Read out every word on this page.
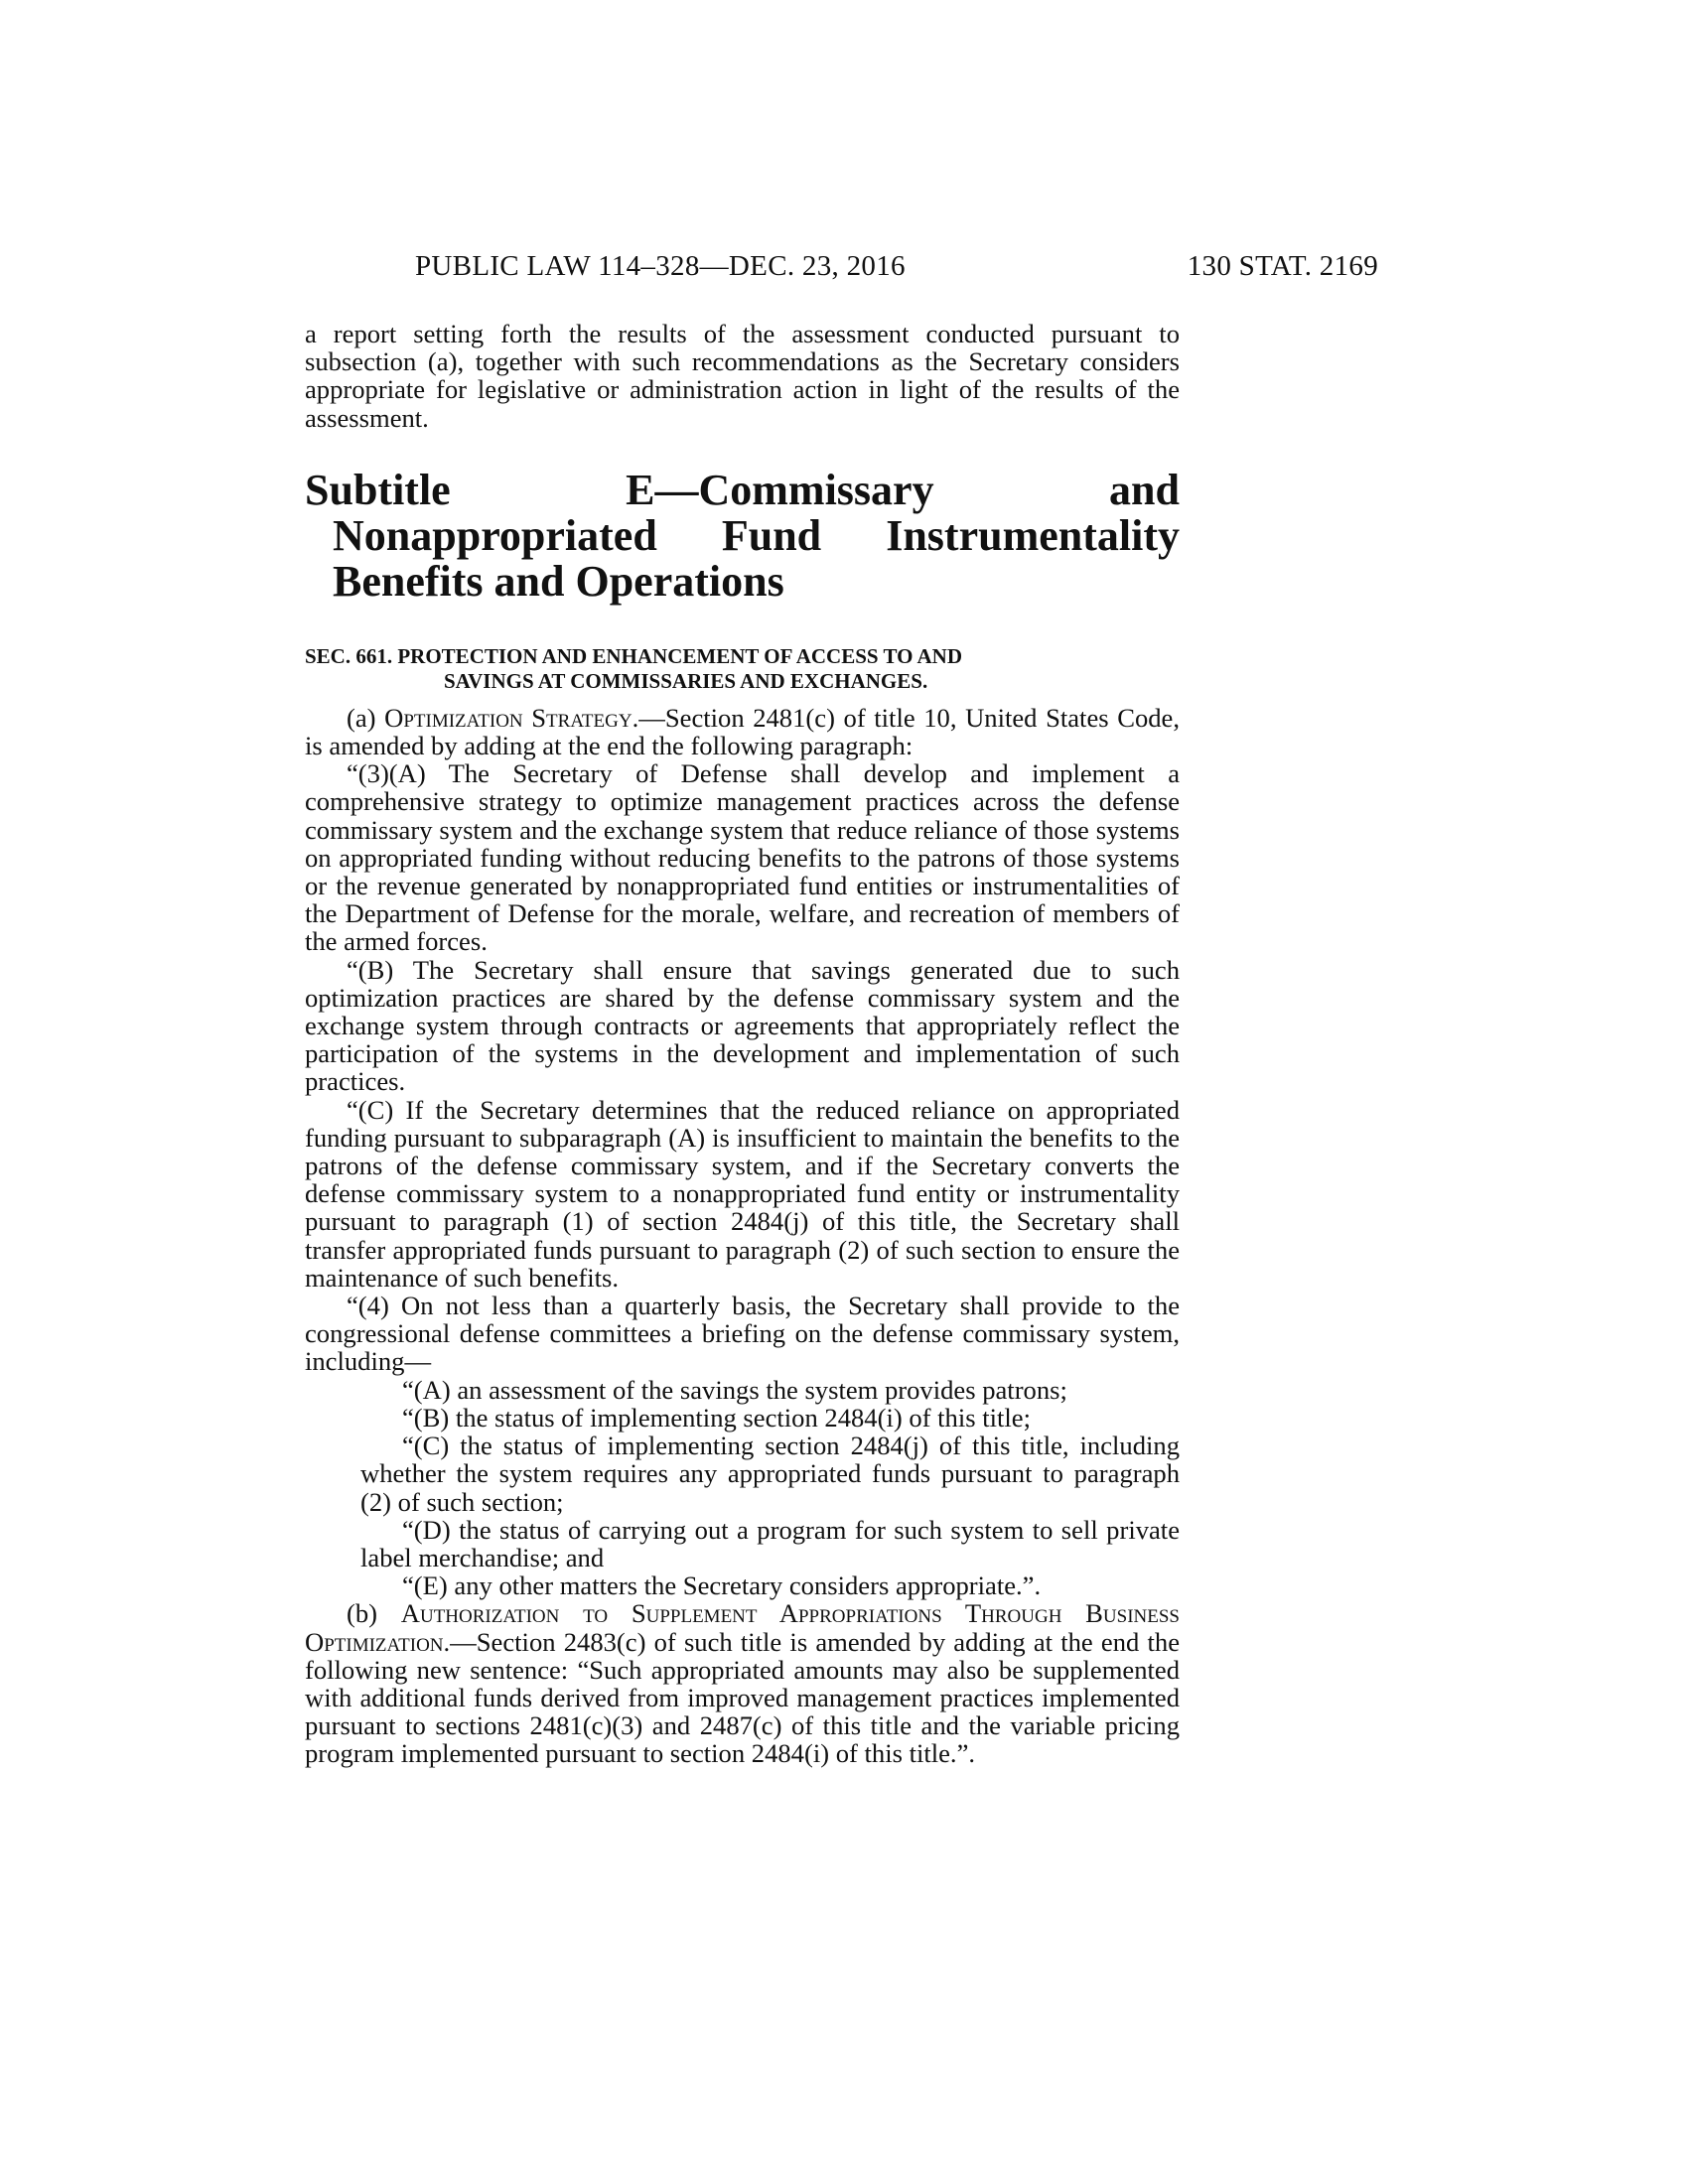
PUBLIC LAW 114–328—DEC. 23, 2016	130 STAT. 2169

a report setting forth the results of the assessment conducted pursuant to subsection (a), together with such recommendations as the Secretary considers appropriate for legislative or administration action in light of the results of the assessment.

Subtitle E—Commissary and Nonappropriated Fund Instrumentality Benefits and Operations
SEC. 661. PROTECTION AND ENHANCEMENT OF ACCESS TO AND
SAVINGS AT COMMISSARIES AND EXCHANGES.

(a) Optimization Strategy.—Section 2481(c) of title 10, United States Code, is amended by adding at the end the following paragraph:

“(3)(A) The Secretary of Defense shall develop and implement a comprehensive strategy to optimize management practices across the defense commissary system and the exchange system that reduce reliance of those systems on appropriated funding without reducing benefits to the patrons of those systems or the revenue generated by nonappropriated fund entities or instrumentalities of the Department of Defense for the morale, welfare, and recreation of members of the armed forces.

“(B) The Secretary shall ensure that savings generated due to such optimization practices are shared by the defense commissary system and the exchange system through contracts or agreements that appropriately reflect the participation of the systems in the development and implementation of such practices.

“(C) If the Secretary determines that the reduced reliance on appropriated funding pursuant to subparagraph (A) is insufficient to maintain the benefits to the patrons of the defense commissary system, and if the Secretary converts the defense commissary system to a nonappropriated fund entity or instrumentality pursuant to paragraph (1) of section 2484(j) of this title, the Secretary shall transfer appropriated funds pursuant to paragraph (2) of such section to ensure the maintenance of such benefits.

“(4) On not less than a quarterly basis, the Secretary shall provide to the congressional defense committees a briefing on the defense commissary system, including—

“(A) an assessment of the savings the system provides patrons;

“(B) the status of implementing section 2484(i) of this title;

“(C) the status of implementing section 2484(j) of this title, including whether the system requires any appropriated funds pursuant to paragraph (2) of such section;

“(D) the status of carrying out a program for such system to sell private label merchandise; and

“(E) any other matters the Secretary considers appropriate.”.

(b) Authorization to Supplement Appropriations Through Business Optimization.—Section 2483(c) of such title is amended by adding at the end the following new sentence: “Such appropriated amounts may also be supplemented with additional funds derived from improved management practices implemented pursuant to sections 2481(c)(3) and 2487(c) of this title and the variable pricing program implemented pursuant to section 2484(i) of this title.”.
